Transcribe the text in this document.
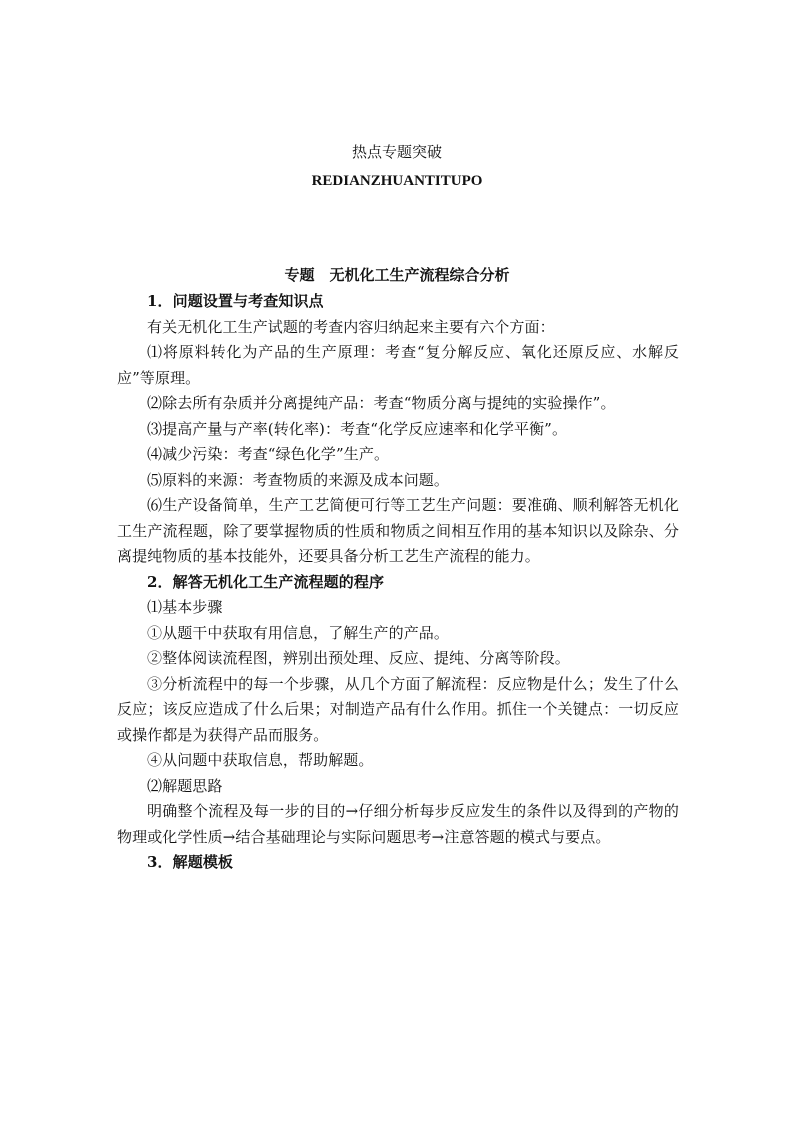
热点专题突破
REDIANZHUANTITUPO
专题　无机化工生产流程综合分析

1．问题设置与考查知识点

有关无机化工生产试题的考查内容归纳起来主要有六个方面：

⑴将原料转化为产品的生产原理：考查“复分解反应、氧化还原反应、水解反应”等原理。

⑵除去所有杂质并分离提纯产品：考查“物质分离与提纯的实验操作”。

⑶提高产量与产率(转化率)：考查“化学反应速率和化学平衡”。

⑷减少污染：考查“绿色化学”生产。

⑸原料的来源：考查物质的来源及成本问题。

⑹生产设备简单，生产工艺简便可行等工艺生产问题：要准确、顺利解答无机化工生产流程题，除了要掌握物质的性质和物质之间相互作用的基本知识以及除杂、分离提纯物质的基本技能外，还要具备分析工艺生产流程的能力。

2．解答无机化工生产流程题的程序

⑴基本步骤

①从题干中获取有用信息，了解生产的产品。

②整体阅读流程图，辨别出预处理、反应、提纯、分离等阶段。

③分析流程中的每一个步骤，从几个方面了解流程：反应物是什么；发生了什么反应；该反应造成了什么后果；对制造产品有什么作用。抓住一个关键点：一切反应或操作都是为获得产品而服务。

④从问题中获取信息，帮助解题。

⑵解题思路

明确整个流程及每一步的目的→仔细分析每步反应发生的条件以及得到的产物的物理或化学性质→结合基础理论与实际问题思考→注意答题的模式与要点。

3．解题模板
